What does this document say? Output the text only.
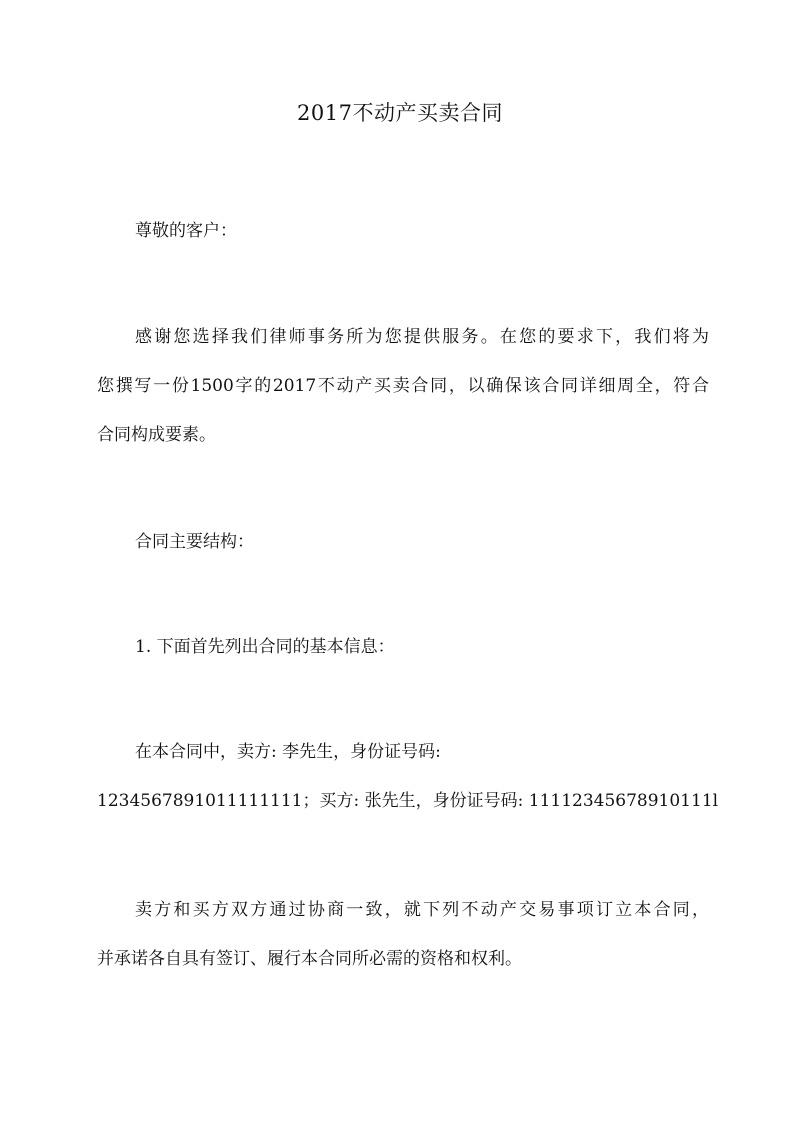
2017不动产买卖合同
尊敬的客户：
感谢您选择我们律师事务所为您提供服务。在您的要求下，我们将为
您撰写一份1500字的2017不动产买卖合同，以确保该合同详细周全，符合
合同构成要素。
合同主要结构：
1. 下面首先列出合同的基本信息：
在本合同中，卖方: 李先生，身份证号码:
1234567891011111111；买方: 张先生，身份证号码: 11112345678910111l
卖方和买方双方通过协商一致，就下列不动产交易事项订立本合同，
并承诺各自具有签订、履行本合同所必需的资格和权利。
